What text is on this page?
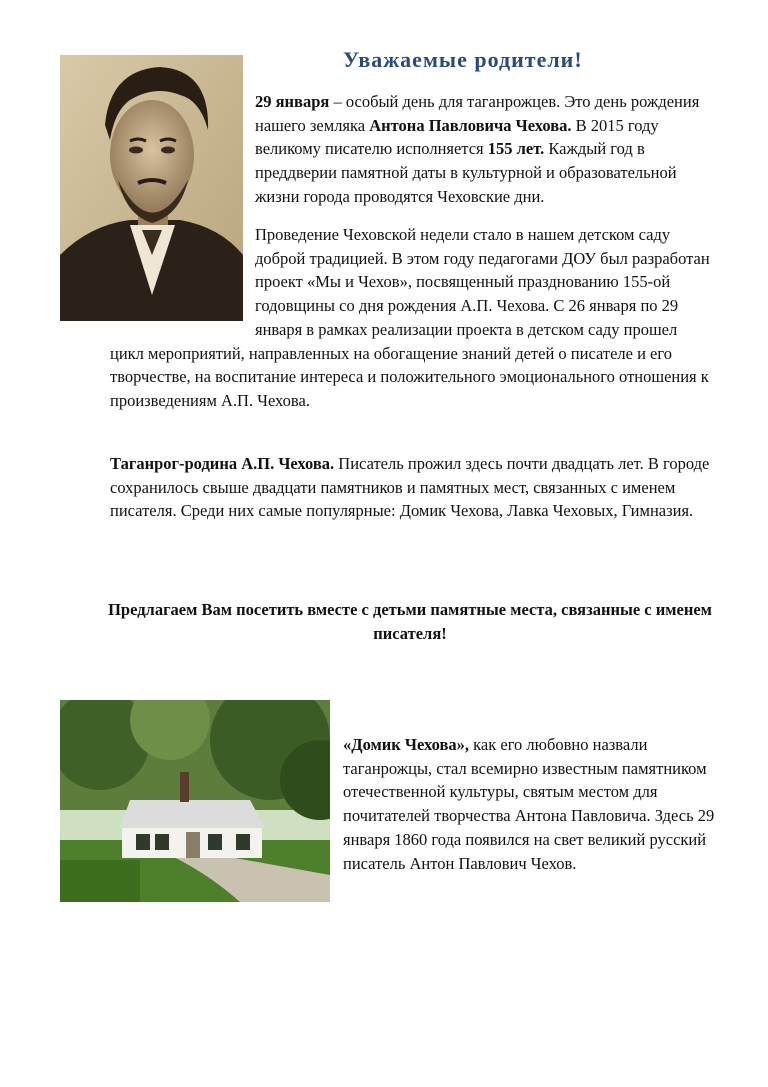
Уважаемые родители!

29 января – особый день для таганрожцев. Это день рождения нашего земляка Антона Павловича Чехова. В 2015 году великому писателю исполняется 155 лет. Каждый год в преддверии памятной даты в культурной и образовательной жизни города проводятся Чеховские дни.

Проведение Чеховской недели стало в нашем детском саду доброй традицией. В этом году педагогами ДОУ был разработан проект «Мы и Чехов», посвященный празднованию 155-ой годовщины со дня рождения А.П. Чехова. С 26 января по 29 января в рамках реализации проекта в детском саду прошел цикл мероприятий, направленных на обогащение знаний детей о писателе и его творчестве, на воспитание интереса и положительного эмоционального отношения к произведениям А.П. Чехова.

Таганрог-родина А.П. Чехова. Писатель прожил здесь почти двадцать лет. В городе сохранилось свыше двадцати памятников и памятных мест, связанных с именем писателя. Среди них самые популярные: Домик Чехова, Лавка Чеховых, Гимназия.

Предлагаем Вам посетить вместе с детьми памятные места, связанные с именем писателя!

«Домик Чехова», как его любовно назвали таганрожцы, стал всемирно известным памятником отечественной культуры, святым местом для почитателей творчества Антона Павловича. Здесь 29 января 1860 года появился на свет великий русский писатель Антон Павлович Чехов.
